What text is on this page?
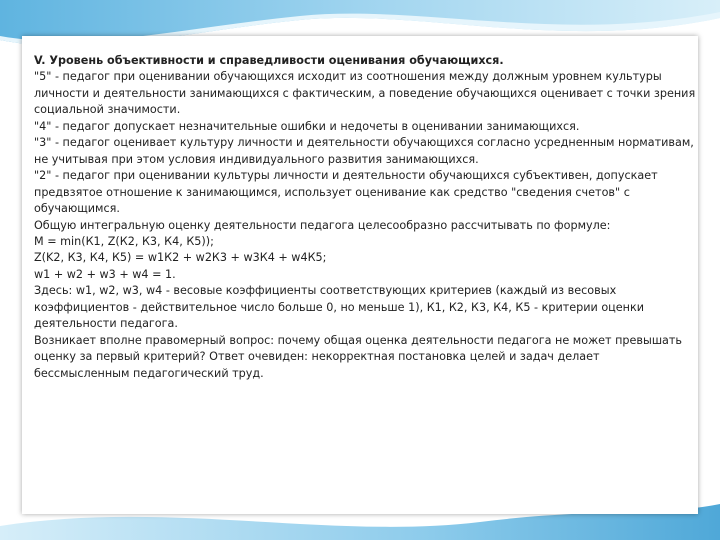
V. Уровень объективности и справедливости оценивания обучающихся.
"5" - педагог при оценивании обучающихся исходит из соотношения между должным уровнем культуры
личности и деятельности занимающихся с фактическим, а поведение обучающихся оценивает с точки зрения
социальной значимости.
"4" - педагог допускает незначительные ошибки и недочеты в оценивании занимающихся.
"3" - педагог оценивает культуру личности и деятельности обучающихся согласно усредненным нормативам,
не учитывая при этом условия индивидуального развития занимающихся.
"2" - педагог при оценивании культуры личности и деятельности обучающихся субъективен, допускает
предвзятое отношение к занимающимся, использует оценивание как средство "сведения счетов" с
обучающимся.
Общую интегральную оценку деятельности педагога целесообразно рассчитывать по формуле:
М = min(К1, Z(К2, К3, К4, К5));
Z(K2, К3, К4, К5) = w1К2 + w2К3 + w3К4 + w4К5;
w1 + w2 + w3 + w4 = 1.
Здесь: w1, w2, w3, w4 - весовые коэффициенты соответствующих критериев (каждый из весовых
коэффициентов - действительное число больше 0, но меньше 1), К1, К2, К3, К4, К5 - критерии оценки
деятельности педагога.
Возникает вполне правомерный вопрос: почему общая оценка деятельности педагога не может превышать
оценку за первый критерий? Ответ очевиден: некорректная постановка целей и задач делает
бессмысленным педагогический труд.
